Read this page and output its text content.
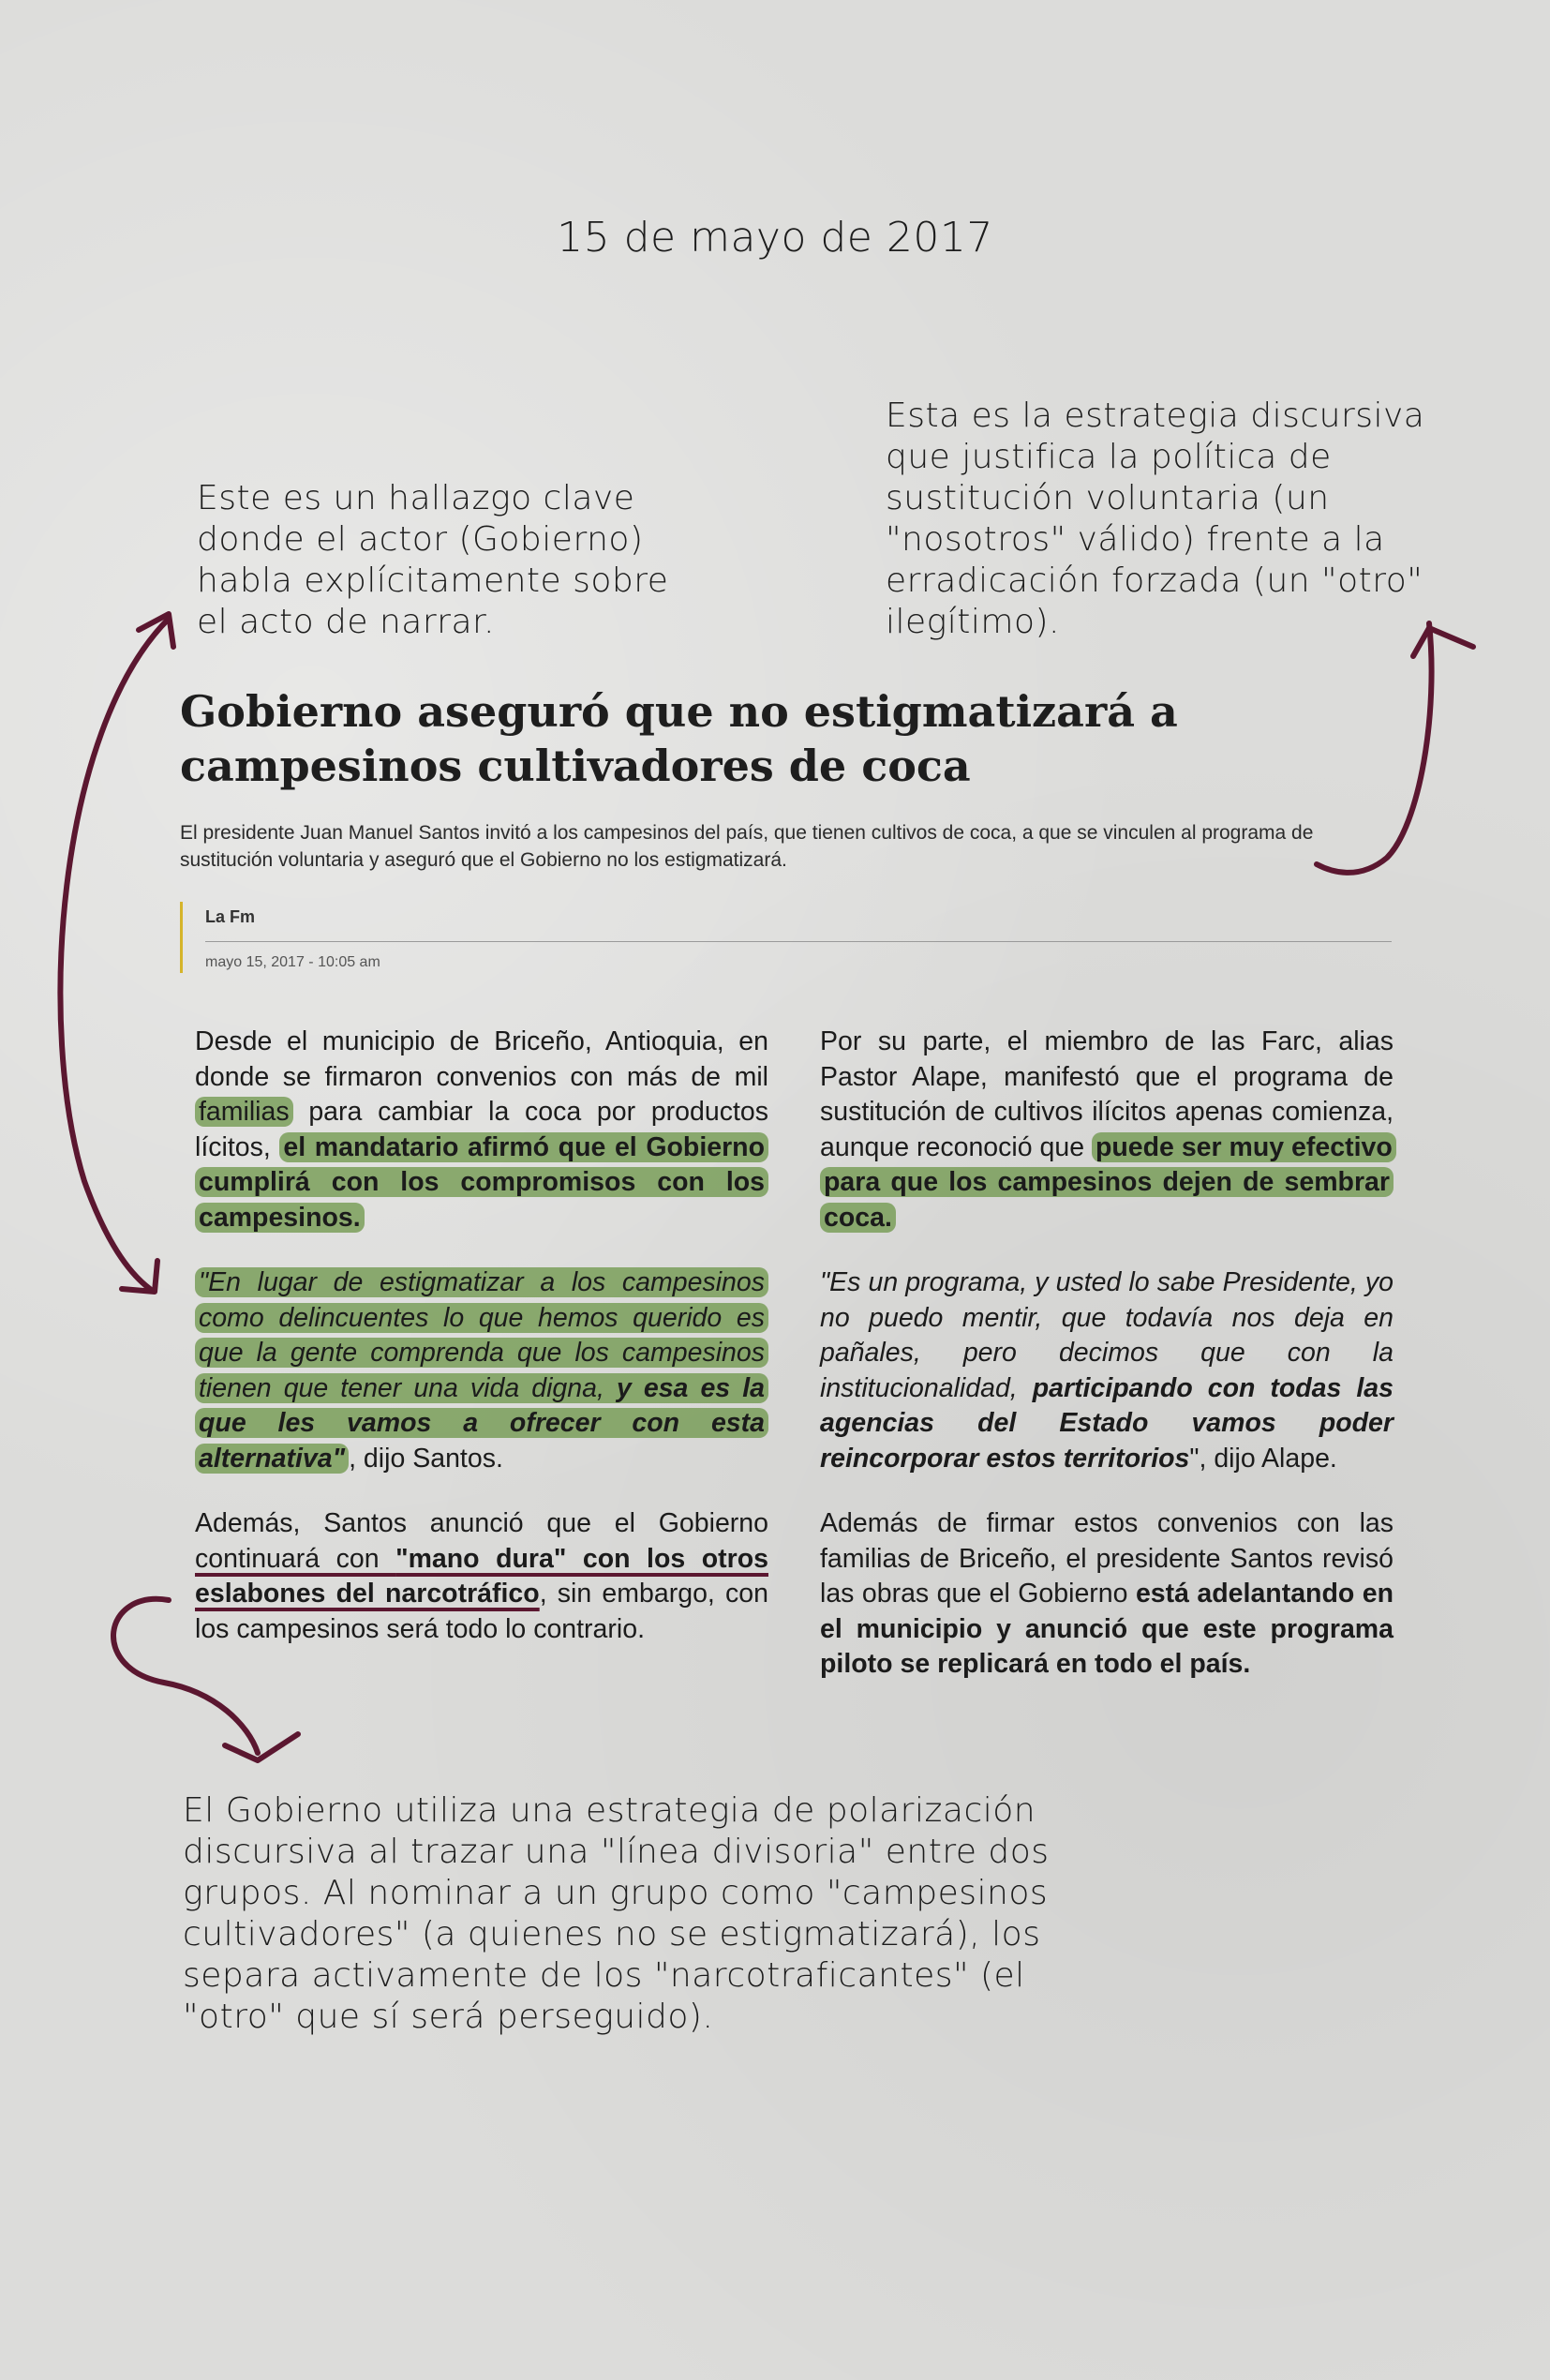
15 de mayo de 2017
Este es un hallazgo clave donde el actor (Gobierno) habla explícitamente sobre el acto de narrar.
Esta es la estrategia discursiva que justifica la política de sustitución voluntaria (un "nosotros" válido) frente a la erradicación forzada (un "otro" ilegítimo).
Gobierno aseguró que no estigmatizará a campesinos cultivadores de coca
El presidente Juan Manuel Santos invitó a los campesinos del país, que tienen cultivos de coca, a que se vinculen al programa de sustitución voluntaria y aseguró que el Gobierno no los estigmatizará.
La Fm
mayo 15, 2017 - 10:05 am

Desde el municipio de Briceño, Antioquia, en donde se firmaron convenios con más de mil familias para cambiar la coca por productos lícitos, el mandatario afirmó que el Gobierno cumplirá con los compromisos con los campesinos.

"En lugar de estigmatizar a los campesinos como delincuentes lo que hemos querido es que la gente comprenda que los campesinos tienen que tener una vida digna, y esa es la que les vamos a ofrecer con esta alternativa" , dijo Santos.

Además, Santos anunció que el Gobierno continuará con "mano dura" con los otros eslabones del narcotráfico, sin embargo, con los campesinos será todo lo contrario.

Por su parte, el miembro de las Farc, alias Pastor Alape, manifestó que el programa de sustitución de cultivos ilícitos apenas comienza, aunque reconoció que puede ser muy efectivo para que los campesinos dejen de sembrar coca.

"Es un programa, y usted lo sabe Presidente, yo no puedo mentir, que todavía nos deja en pañales, pero decimos que con la institucionalidad, participando con todas las agencias del Estado vamos poder reincorporar estos territorios", dijo Alape.

Además de firmar estos convenios con las familias de Briceño, el presidente Santos revisó las obras que el Gobierno está adelantando en el municipio y anunció que este programa piloto se replicará en todo el país.

El Gobierno utiliza una estrategia de polarización discursiva al trazar una "línea divisoria" entre dos grupos. Al nominar a un grupo como "campesinos cultivadores" (a quienes no se estigmatizará), los separa activamente de los "narcotraficantes" (el "otro" que sí será perseguido).
